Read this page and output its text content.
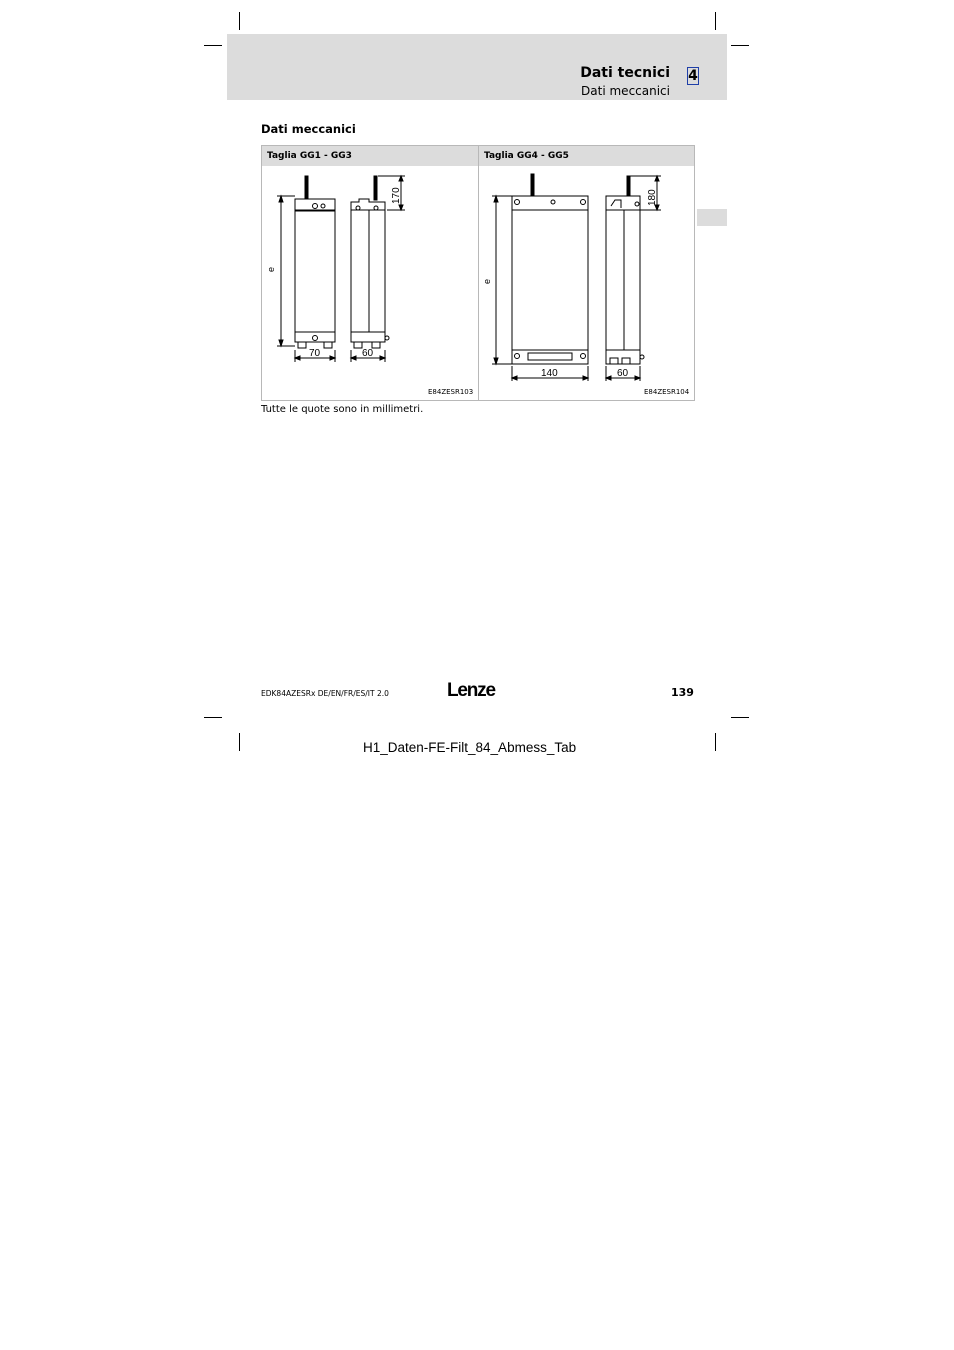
Dati tecnici
Dati meccanici
4
Dati meccanici
Taglia GG1 - GG3	Taglia GG4 - GG5
e
70
170
60
E84ZESR103
e
140
180
60
E84ZESR104
Tutte le quote sono in millimetri.
EDK84AZESRx DE/EN/FR/ES/IT 2.0	Lenze	139
H1_Daten-FE-Filt_84_Abmess_Tab
